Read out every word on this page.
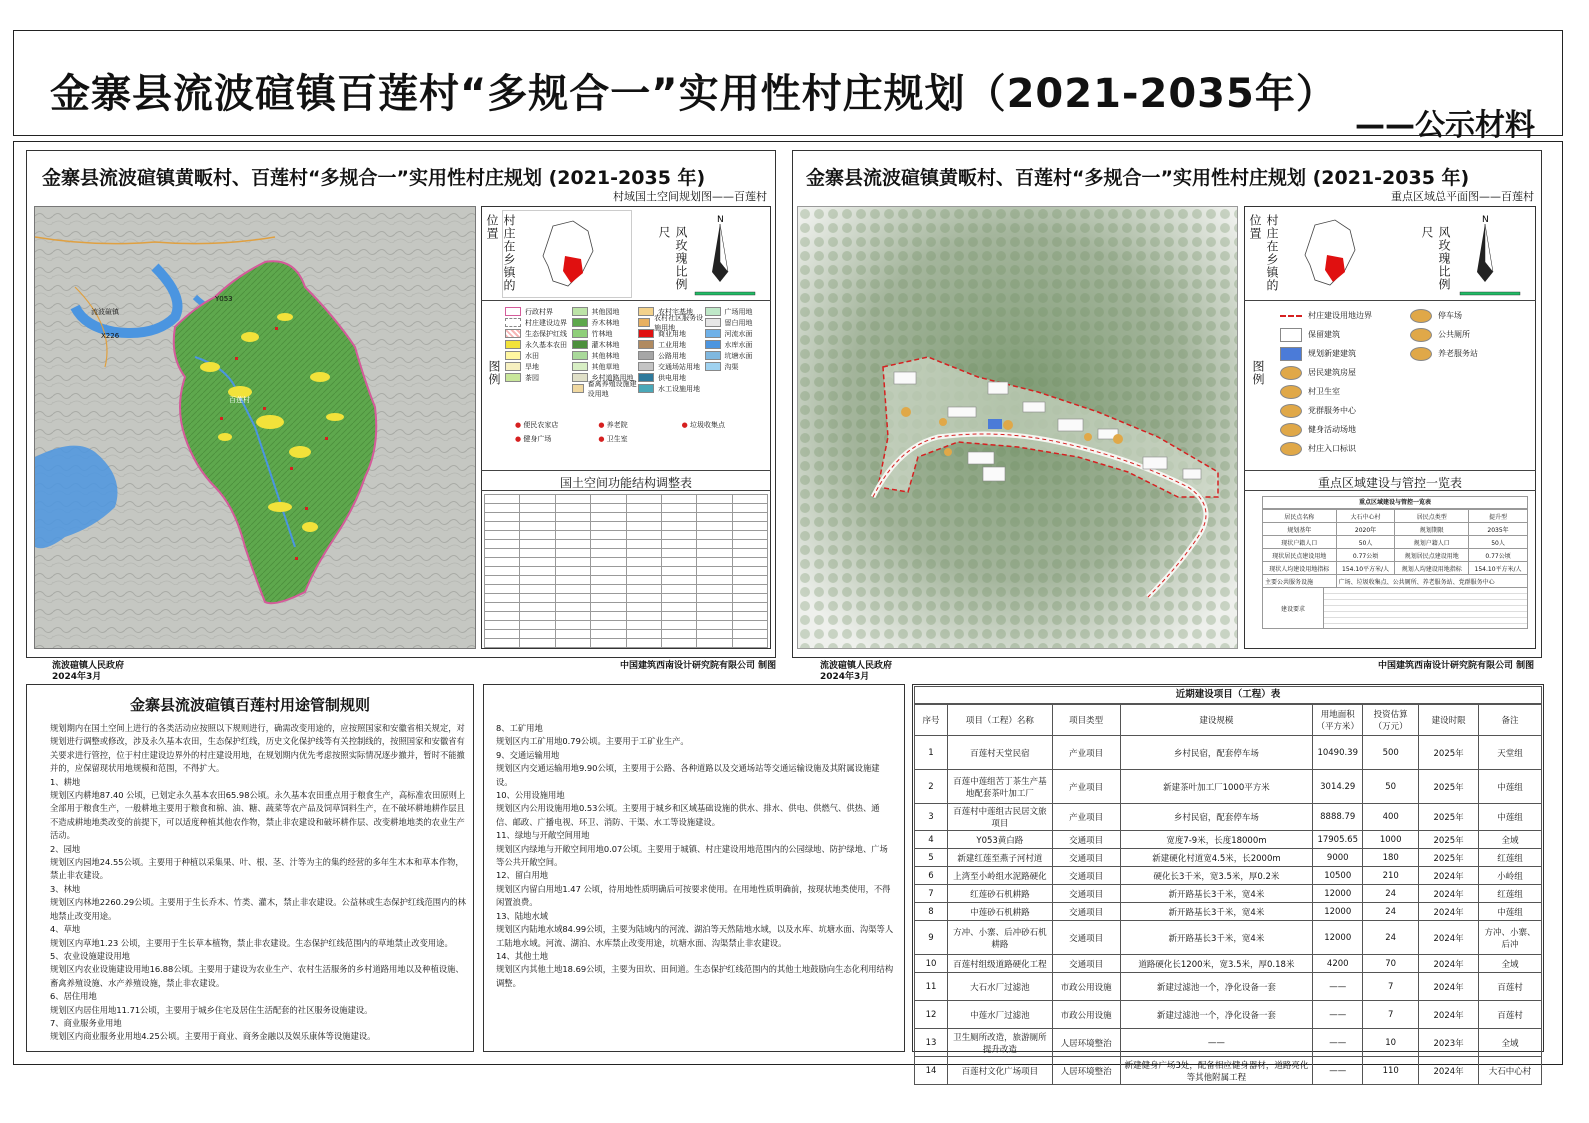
金寨县流波碹镇百莲村“多规合一”实用性村庄规划（2021-2035年）
——公示材料
金寨县流波碹镇黄畈村、百莲村“多规合一”实用性村庄规划 (2021-2035 年)
村域国土空间规划图——百莲村
Y053
X226
流波碹镇
百莲村
村庄在乡镇的位置	风玫瑰比例尺
N
图例
行政村界	其他园地	农村宅基地	广场用地
村庄建设边界	乔木林地
农村社区服务设施用地
留白用地
生态保护红线	竹林地	商业用地	河流水面
永久基本农田	灌木林地	工业用地	水库水面
水田	其他林地	公路用地	坑塘水面
旱地	其他草地	交通场站用地	沟渠
茶园	乡村道路用地	供电用地
畜禽养殖设施建设用地
水工设施用地
● 便民农家店	● 养老院	● 垃圾收集点
● 健身广场	● 卫生室
国土空间功能结构调整表

流波碹镇人民政府
2024年3月
中国建筑西南设计研究院有限公司 制图
金寨县流波碹镇黄畈村、百莲村“多规合一”实用性村庄规划 (2021-2035 年)
重点区域总平面图——百莲村
村庄在乡镇的位置	风玫瑰比例尺
N
图例
村庄建设用地边界
保留建筑
规划新建建筑
居民建筑房屋
村卫生室
党群服务中心
健身活动场地
村庄入口标识
停车场
公共厕所
养老服务站
重点区域建设与管控一览表
重点区域建设与管控一览表
居民点名称	大石中心村	居民点类型	提升型
规划基年	2020年	规划期限	2035年
现状户籍人口	50人	规划户籍人口	50人
现状居民点建设用地	0.77公顷	规划居民点建设用地	0.77公顷
现状人均建设用地指标	154.10平方米/人	规划人均建设用地指标	154.10平方米/人
主要公共服务设施	广场、垃圾收集点、公共厕所、养老服务站、党群服务中心		
建设要求
流波碹镇人民政府
2024年3月
中国建筑西南设计研究院有限公司 制图
金寨县流波碹镇百莲村用途管制规则

规划期内在国土空间上进行的各类活动应按照以下规则进行，确需改变用途的，应按照国家和安徽省相关规定，对规划进行调整或修改，涉及永久基本农田，生态保护红线，历史文化保护线等有关控制线的，按照国家和安徽省有关要求进行管控，位于村庄建设边界外的村庄建设用地，在规划期内优先考虑按照实际情况逐步撤并，暂时不能撤并的，应保留现状用地规模和范围，不得扩大。

1、耕地

规划区内耕地87.40 公顷，已划定永久基本农田65.98公顷。永久基本农田重点用于粮食生产，高标准农田原则上全部用于粮食生产，一般耕地主要用于粮食和棉、油、糖、蔬菜等农产品及饲草饲料生产，在不破坏耕地耕作层且不造成耕地地类改变的前提下，可以适度种植其他农作物，禁止非农建设和破坏耕作层、改变耕地地类的农业生产活动。

2、园地

规划区内园地24.55公顷。主要用于种植以采集果、叶、根、茎、汁等为主的集约经营的多年生木本和草本作物，禁止非农建设。

3、林地

规划区内林地2260.29公顷。主要用于生长乔木、竹类、灌木，禁止非农建设。公益林或生态保护红线范围内的林地禁止改变用途。

4、草地

规划区内草地1.23 公顷，主要用于生长草本植物，禁止非农建设。生态保护红线范围内的草地禁止改变用途。

5、农业设施建设用地

规划区内农业设施建设用地16.88公顷。主要用于建设为农业生产、农村生活服务的乡村道路用地以及种植设施、畜禽养殖设施、水产养殖设施，禁止非农建设。

6、居住用地

规划区内居住用地11.71公顷，主要用于城乡住宅及居住生活配套的社区服务设施建设。

7、商业服务业用地

规划区内商业服务业用地4.25公顷。主要用于商业、商务金融以及娱乐康体等设施建设。

8、工矿用地

规划区内工矿用地0.79公顷。主要用于工矿业生产。

9、交通运输用地

规划区内交通运输用地9.90公顷，主要用于公路、各种道路以及交通场站等交通运输设施及其附属设施建设。

10、公用设施用地

规划区内公用设施用地0.53公顷。主要用于城乡和区域基础设施的供水、排水、供电、供燃气、供热、通信、邮政、广播电视、环卫、消防、干渠、水工等设施建设。

11、绿地与开敞空间用地

规划区内绿地与开敞空间用地0.07公顷。主要用于城镇、村庄建设用地范围内的公园绿地、防护绿地、广场等公共开敞空间。

12、留白用地

规划区内留白用地1.47 公顷，待用地性质明确后可按要求使用。在用地性质明确前，按现状地类使用，不得闲置浪费。

13、陆地水域

规划区内陆地水域84.99公顷，主要为陆域内的河流、湖泊等天然陆地水域，以及水库、坑塘水面、沟渠等人工陆地水域。河流、湖泊、水库禁止改变用途，坑塘水面、沟渠禁止非农建设。

14、其他土地

规划区内其他土地18.69公顷，主要为田坎、田间道。生态保护红线范围内的其他土地鼓励向生态化利用结构调整。

近期建设项目（工程）表
序号	项目（工程）名称	项目类型	建设规模	用地面积（平方米）	投资估算（万元）	建设时限	备注
1	百莲村天堂民宿	产业项目	乡村民宿，配套停车场	10490.39	500	2025年	天堂组
2	百莲中莲组苦丁茶生产基地配套茶叶加工厂	产业项目	新建茶叶加工厂1000平方米	3014.29	50	2025年	中莲组
3	百莲村中莲组古民居文旅项目	产业项目	乡村民宿，配套停车场	8888.79	400	2025年	中莲组
4	Y053黄白路	交通项目	宽度7-9米，长度18000m	17905.65	1000	2025年	全域
5	新建红莲至燕子河村道	交通项目	新建硬化村道宽4.5米，长2000m	9000	180	2025年	红莲组
6	上湾至小岭组水泥路硬化	交通项目	硬化长3千米，宽3.5米，厚0.2米	10500	210	2024年	小岭组
7	红莲砂石机耕路	交通项目	新开路基长3千米，宽4米	12000	24	2024年	红莲组
8	中莲砂石机耕路	交通项目	新开路基长3千米，宽4米	12000	24	2024年	中莲组
9	方冲、小寨、后冲砂石机耕路	交通项目	新开路基长3千米，宽4米	12000	24	2024年	方冲、小寨、后冲
10	百莲村组级道路硬化工程	交通项目	道路硬化长1200米，宽3.5米，厚0.18米	4200	70	2024年	全域
11	大石水厂过滤池	市政公用设施	新建过滤池一个，净化设备一套	——	7	2024年	百莲村
12	中莲水厂过滤池	市政公用设施	新建过滤池一个，净化设备一套	——	7	2024年	百莲村
13	卫生厕所改造，旅游厕所提升改造	人居环境整治	——	——	10	2023年	全域
14	百莲村文化广场项目	人居环境整治	新建健身广场3处，配备相应健身器材，道路亮化等其他附属工程	——	110	2024年	大石中心村
